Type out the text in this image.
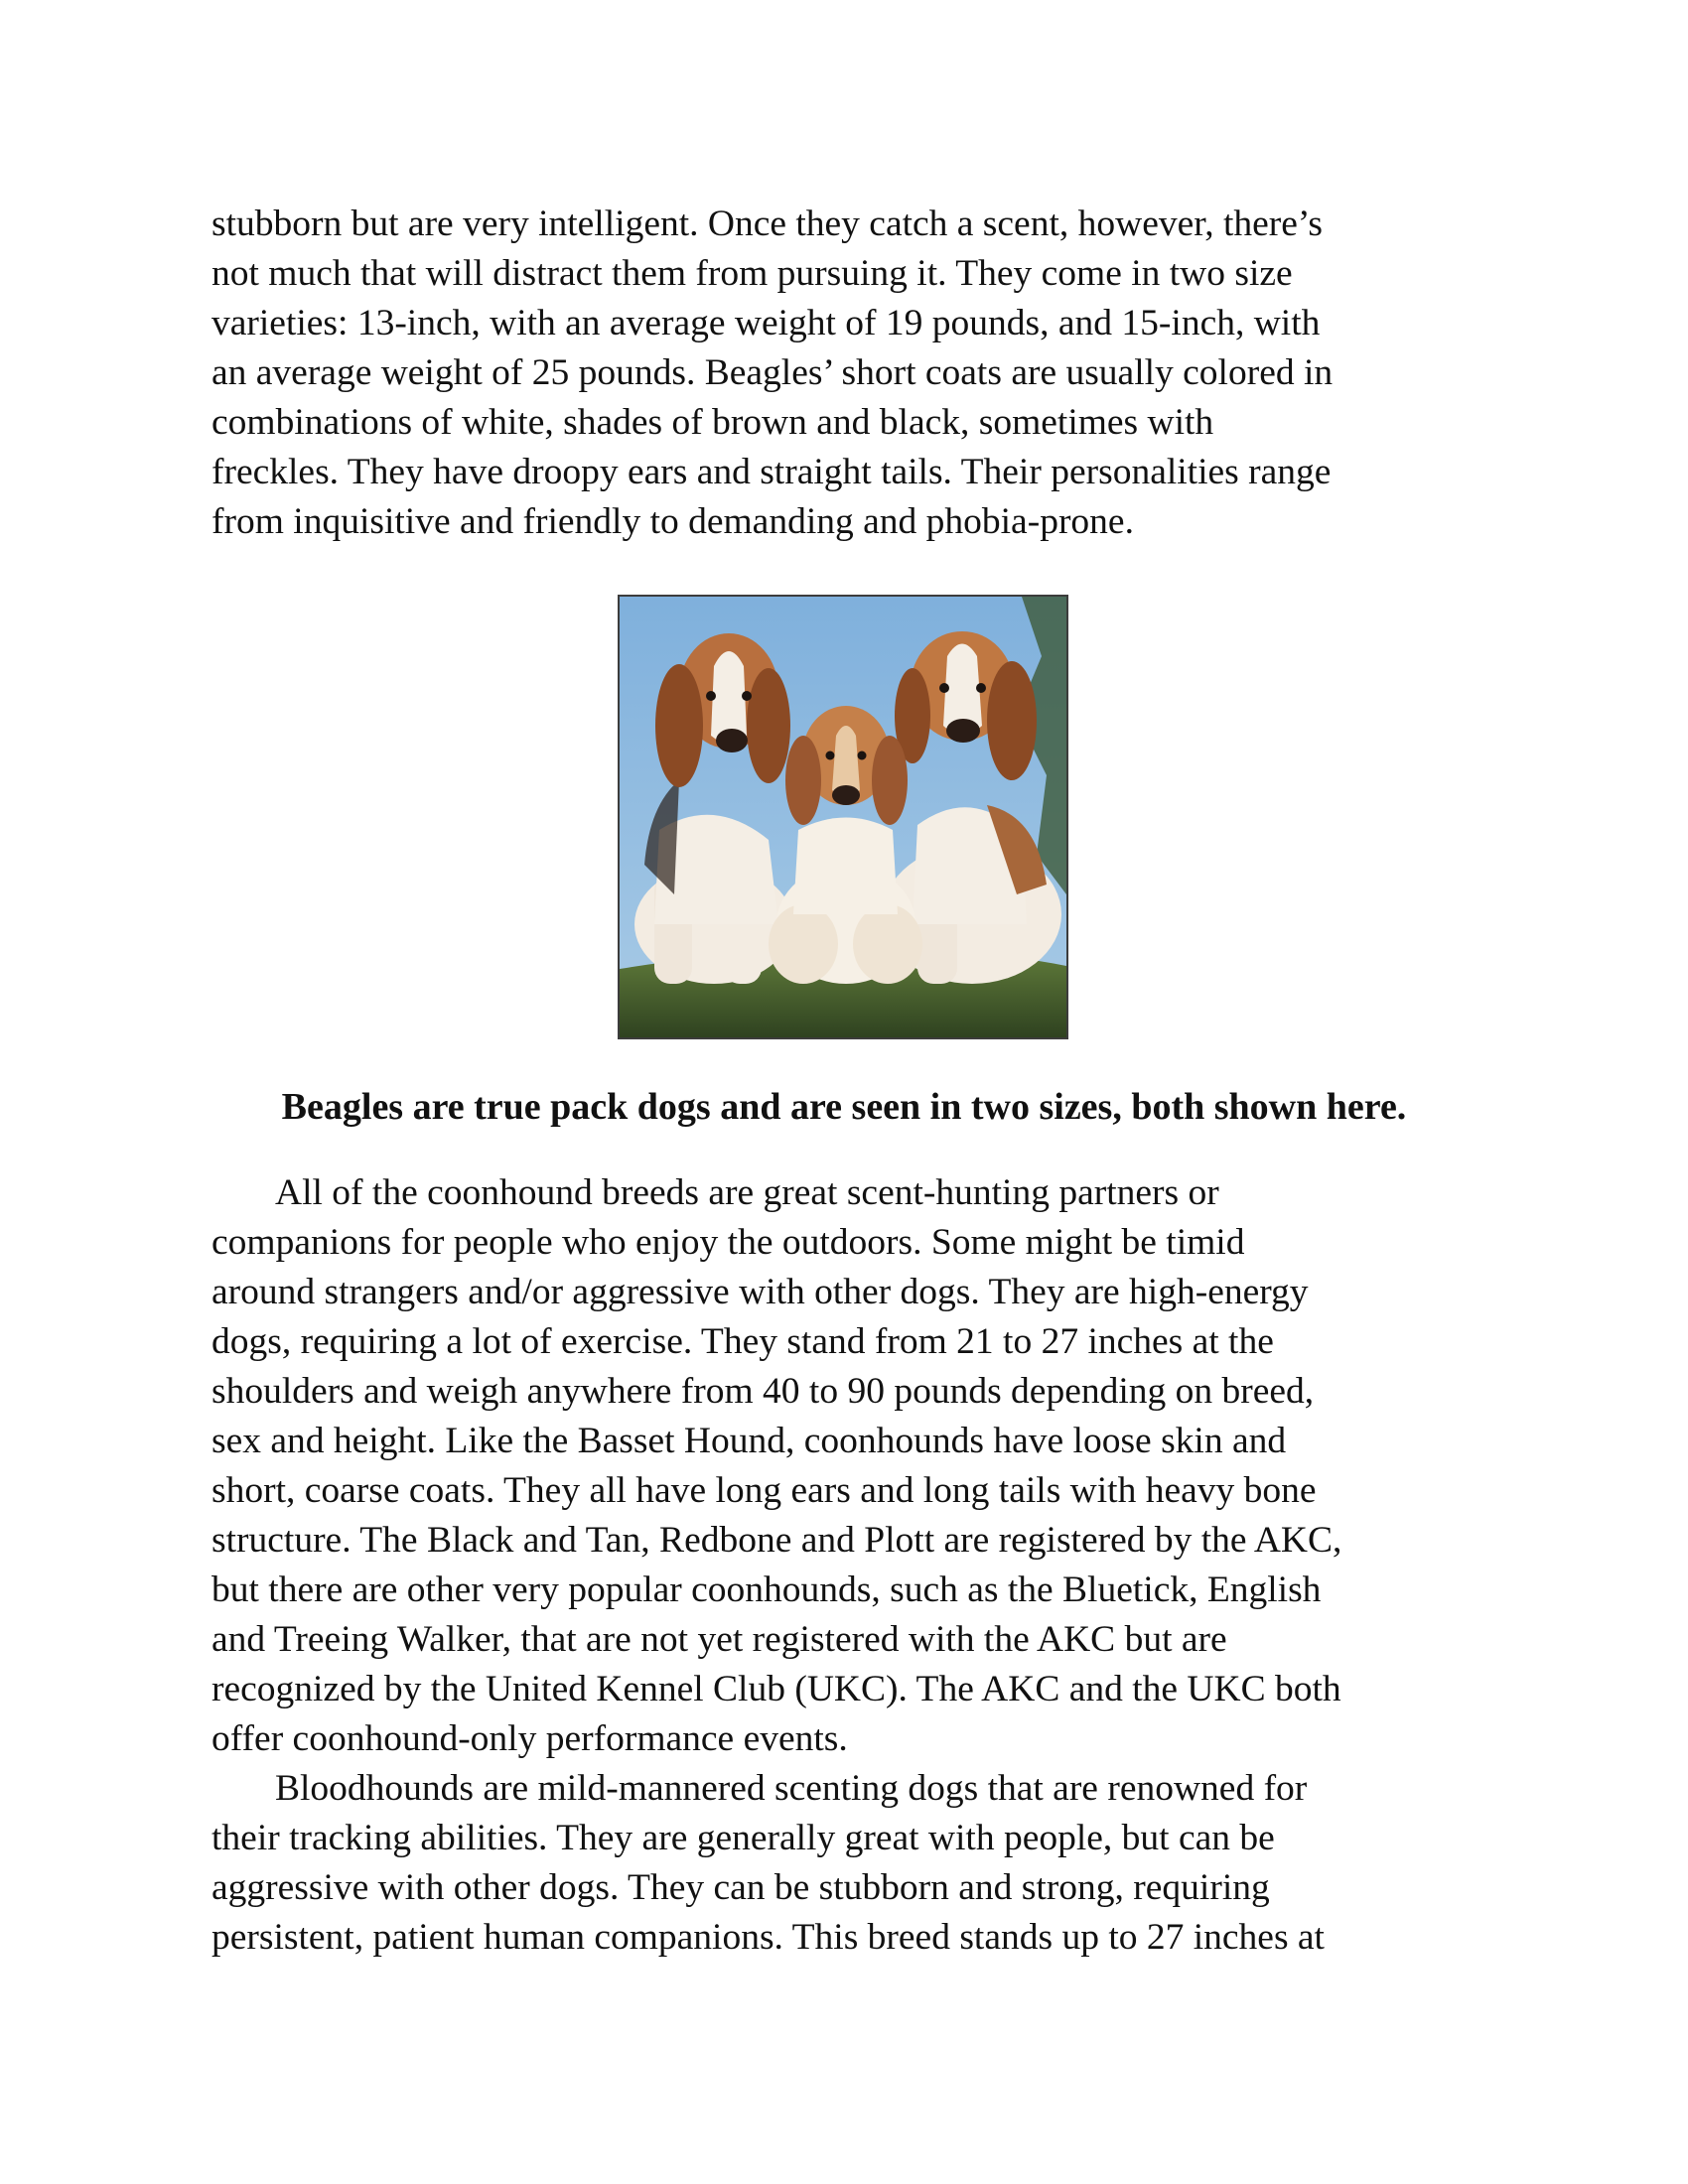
stubborn but are very intelligent. Once they catch a scent, however, there’s
not much that will distract them from pursuing it. They come in two size
varieties: 13-inch, with an average weight of 19 pounds, and 15-inch, with
an average weight of 25 pounds. Beagles’ short coats are usually colored in
combinations of white, shades of brown and black, sometimes with
freckles. They have droopy ears and straight tails. Their personalities range
from inquisitive and friendly to demanding and phobia-prone.
Beagles are true pack dogs and are seen in two sizes, both shown here.
All of the coonhound breeds are great scent-hunting partners or
companions for people who enjoy the outdoors. Some might be timid
around strangers and/or aggressive with other dogs. They are high-energy
dogs, requiring a lot of exercise. They stand from 21 to 27 inches at the
shoulders and weigh anywhere from 40 to 90 pounds depending on breed,
sex and height. Like the Basset Hound, coonhounds have loose skin and
short, coarse coats. They all have long ears and long tails with heavy bone
structure. The Black and Tan, Redbone and Plott are registered by the AKC,
but there are other very popular coonhounds, such as the Bluetick, English
and Treeing Walker, that are not yet registered with the AKC but are
recognized by the United Kennel Club (UKC). The AKC and the UKC both
offer coonhound-only performance events.
Bloodhounds are mild-mannered scenting dogs that are renowned for
their tracking abilities. They are generally great with people, but can be
aggressive with other dogs. They can be stubborn and strong, requiring
persistent, patient human companions. This breed stands up to 27 inches at
